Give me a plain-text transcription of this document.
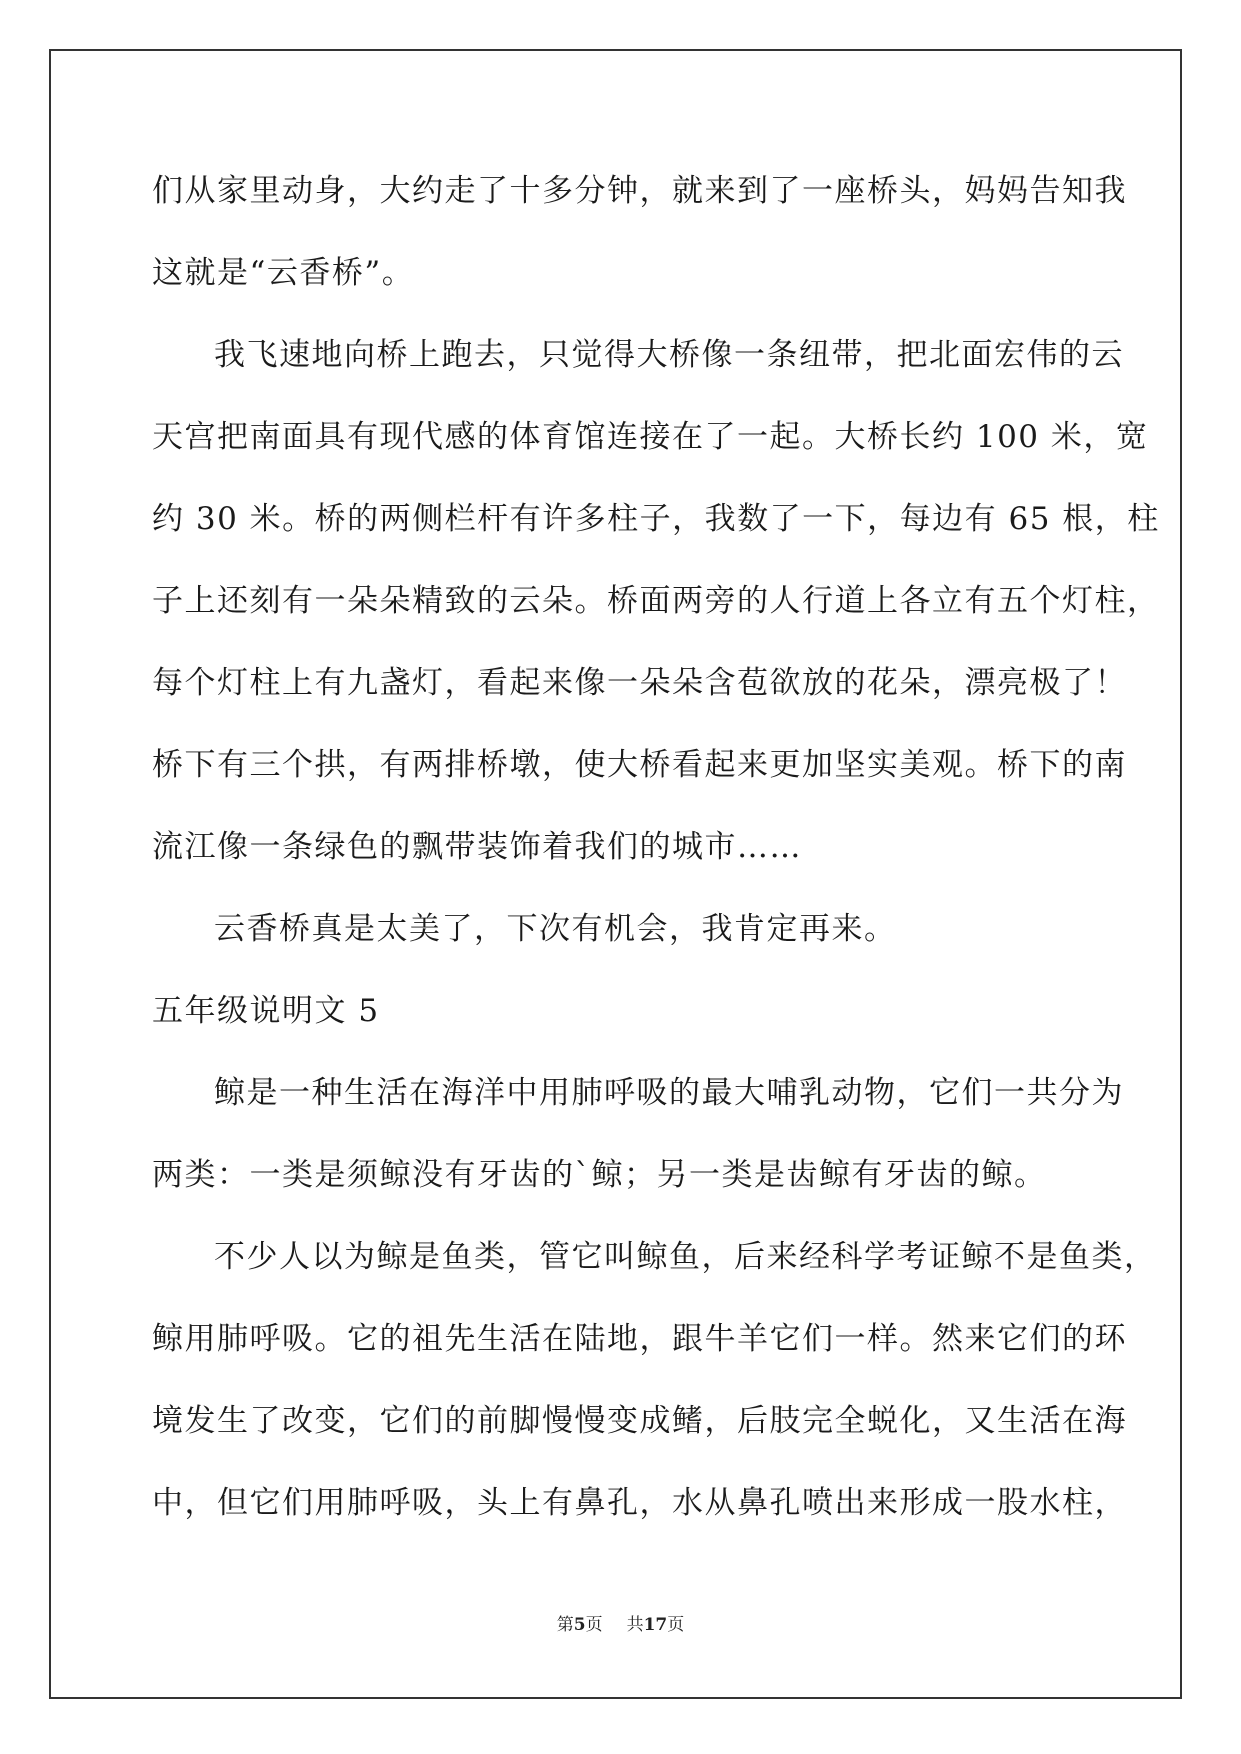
们从家里动身，大约走了十多分钟，就来到了一座桥头，妈妈告知我
这就是“云香桥”。
我飞速地向桥上跑去，只觉得大桥像一条纽带，把北面宏伟的云
天宫把南面具有现代感的体育馆连接在了一起。大桥长约 100 米，宽
约 30 米。桥的两侧栏杆有许多柱子，我数了一下，每边有 65 根，柱
子上还刻有一朵朵精致的云朵。桥面两旁的人行道上各立有五个灯柱，
每个灯柱上有九盏灯，看起来像一朵朵含苞欲放的花朵，漂亮极了！
桥下有三个拱，有两排桥墩，使大桥看起来更加坚实美观。桥下的南
流江像一条绿色的飘带装饰着我们的城市……
云香桥真是太美了，下次有机会，我肯定再来。
五年级说明文 5
鲸是一种生活在海洋中用肺呼吸的最大哺乳动物，它们一共分为
两类：一类是须鲸没有牙齿的`鲸；另一类是齿鲸有牙齿的鲸。
不少人以为鲸是鱼类，管它叫鲸鱼，后来经科学考证鲸不是鱼类，
鲸用肺呼吸。它的祖先生活在陆地，跟牛羊它们一样。然来它们的环
境发生了改变，它们的前脚慢慢变成鳍，后肢完全蜕化，又生活在海
中，但它们用肺呼吸，头上有鼻孔，水从鼻孔喷出来形成一股水柱，
第5页 共17页
